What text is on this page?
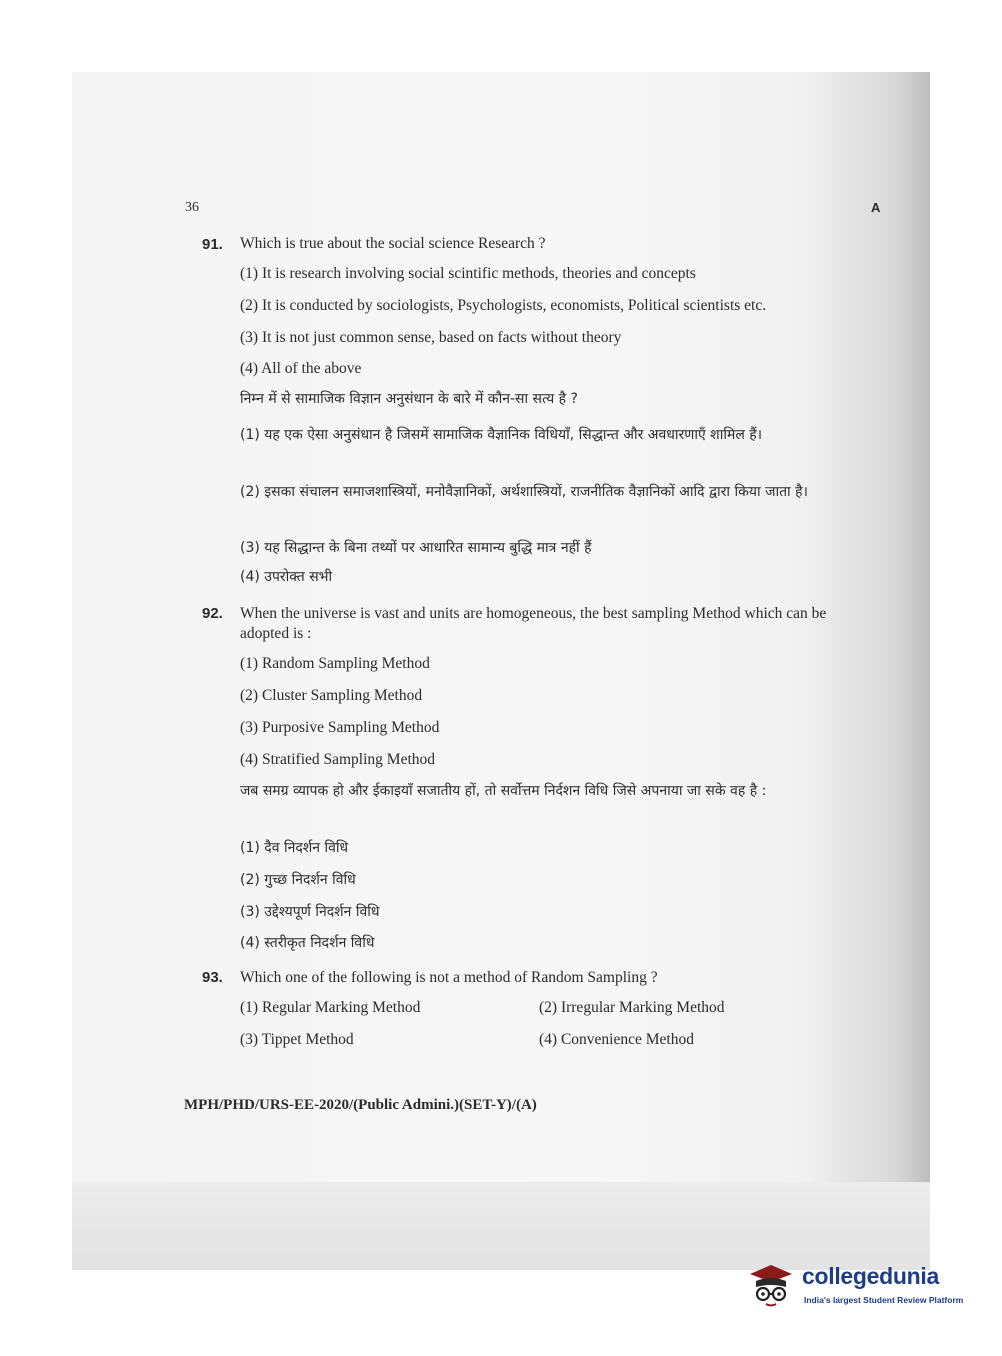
36	A
91. Which is true about the social science Research ?
(1) It is research involving social scintific methods, theories and concepts
(2) It is conducted by sociologists, Psychologists, economists, Political scientists etc.
(3) It is not just common sense, based on facts without theory
(4) All of the above
निम्न में से सामाजिक विज्ञान अनुसंधान के बारे में कौन-सा सत्य है ?
(1) यह एक ऐसा अनुसंधान है जिसमें सामाजिक वैज्ञानिक विधियाँ, सिद्धान्त और अवधारणाएँ शामिल हैं।
(2) इसका संचालन समाजशास्त्रियों, मनोवैज्ञानिकों, अर्थशास्त्रियों, राजनीतिक वैज्ञानिकों आदि द्वारा किया जाता है।
(3) यह सिद्धान्त के बिना तथ्यों पर आधारित सामान्य बुद्धि मात्र नहीं हैं
(4) उपरोक्त सभी
92. When the universe is vast and units are homogeneous, the best sampling Method which can be adopted is :
(1) Random Sampling Method
(2) Cluster Sampling Method
(3) Purposive Sampling Method
(4) Stratified Sampling Method
जब समग्र व्यापक हो और ईकाइयाँ सजातीय हों, तो सर्वोत्तम निर्दशन विधि जिसे अपनाया जा सके वह है :
(1) दैव निदर्शन विधि
(2) गुच्छ निदर्शन विधि
(3) उद्देश्यपूर्ण निदर्शन विधि
(4) स्तरीकृत निदर्शन विधि
93. Which one of the following is not a method of Random Sampling ?
(1) Regular Marking Method	(2) Irregular Marking Method
(3) Tippet Method	(4) Convenience Method
MPH/PHD/URS-EE-2020/(Public Admini.)(SET-Y)/(A)
collegedunia
India's largest Student Review Platform
